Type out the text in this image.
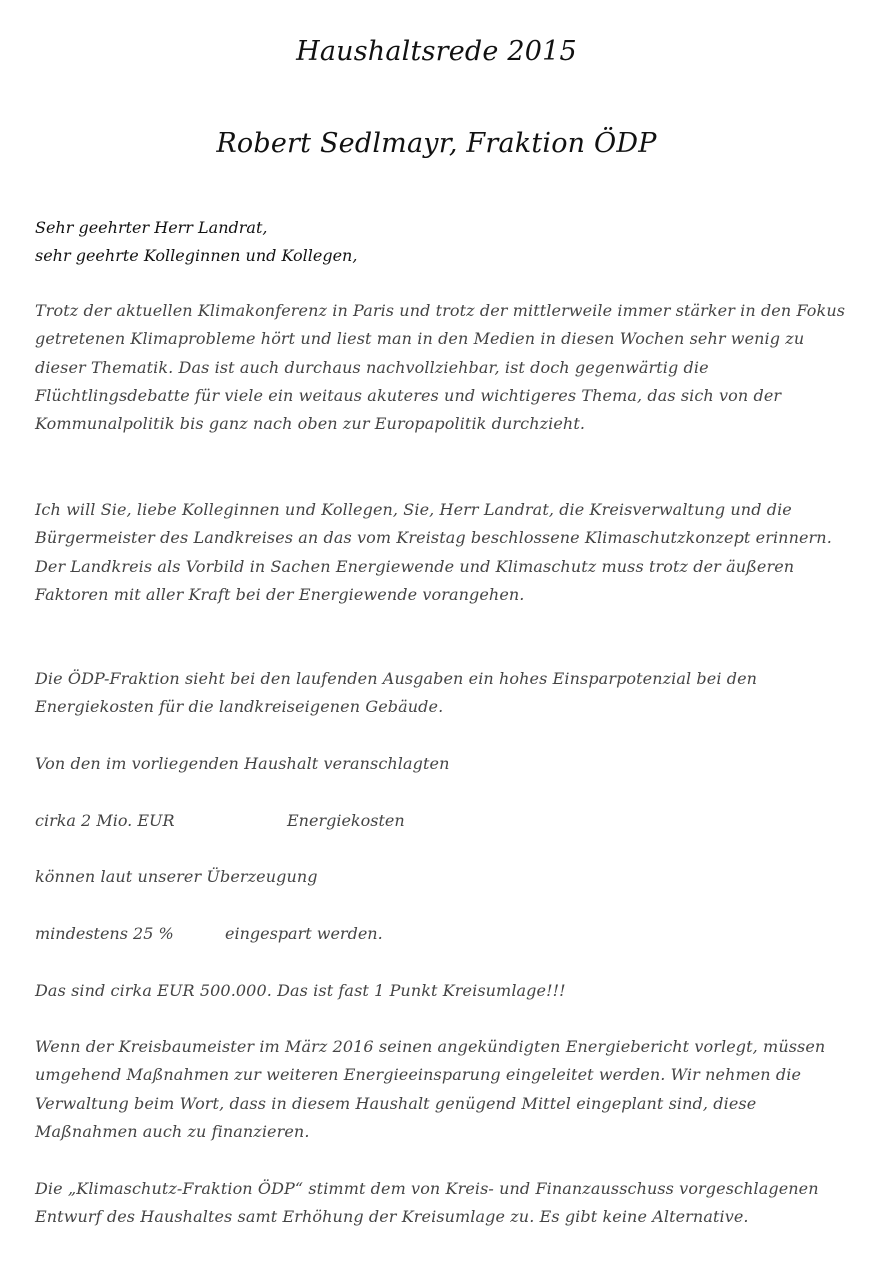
Haushaltsrede 2015
Robert Sedlmayr, Fraktion ÖDP

Sehr geehrter Herr Landrat,

sehr geehrte Kolleginnen und Kollegen,

Trotz der aktuellen Klimakonferenz in Paris und trotz der mittlerweile immer stärker in den Fokus getretenen Klimaprobleme hört und liest man in den Medien in diesen Wochen sehr wenig zu dieser Thematik. Das ist auch durchaus nachvollziehbar, ist doch gegenwärtig die Flüchtlingsdebatte für viele ein weitaus akuteres und wichtigeres Thema, das sich von der Kommunalpolitik bis ganz nach oben zur Europapolitik durchzieht.

Ich will Sie, liebe Kolleginnen und Kollegen, Sie, Herr Landrat, die Kreisverwaltung und die Bürgermeister des Landkreises an das vom Kreistag beschlossene Klimaschutzkonzept erinnern. Der Landkreis als Vorbild in Sachen Energiewende und Klimaschutz muss trotz der äußeren Faktoren mit aller Kraft bei der Energiewende vorangehen.

Die ÖDP-Fraktion sieht bei den laufenden Ausgaben ein hohes Einsparpotenzial bei den Energiekosten für die landkreiseigenen Gebäude.

Von den im vorliegenden Haushalt veranschlagten

cirka 2 Mio. EUR	Energiekosten

können laut unserer Überzeugung

mindestens 25 %	eingespart werden.

Das sind cirka EUR 500.000. Das ist fast 1 Punkt Kreisumlage!!!

Wenn der Kreisbaumeister im März 2016 seinen angekündigten Energiebericht vorlegt, müssen umgehend Maßnahmen zur weiteren Energieeinsparung eingeleitet werden. Wir nehmen die Verwaltung beim Wort, dass in diesem Haushalt genügend Mittel eingeplant sind, diese Maßnahmen auch zu finanzieren.

Die „Klimaschutz-Fraktion ÖDP“ stimmt dem von Kreis- und Finanzausschuss vorgeschlagenen Entwurf des Haushaltes samt Erhöhung der Kreisumlage zu. Es gibt keine Alternative.
